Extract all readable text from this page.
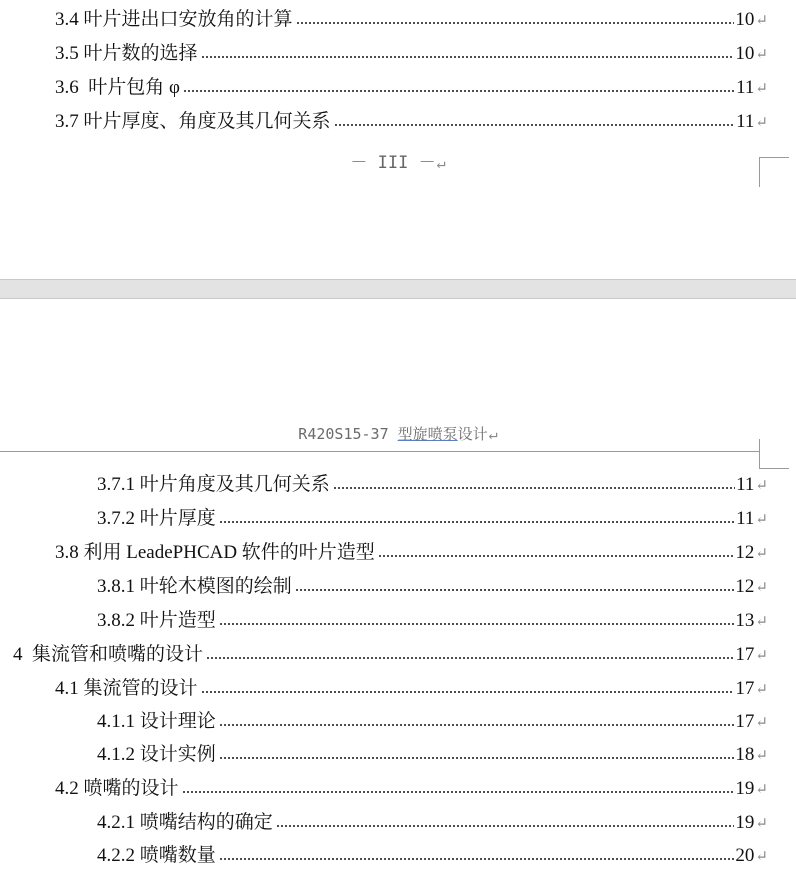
3.4 叶片进出口安放角的计算	10 ↵
3.5 叶片数的选择	10 ↵
3.6  叶片包角 φ	11 ↵
3.7 叶片厚度、角度及其几何关系	11 ↵
－ III －↵
R420S15-37 型旋喷泵设计↵
3.7.1 叶片角度及其几何关系	11 ↵
3.7.2 叶片厚度	11 ↵
3.8 利用 LeadePHCAD 软件的叶片造型	12 ↵
3.8.1 叶轮木模图的绘制	12 ↵
3.8.2 叶片造型	13 ↵
4  集流管和喷嘴的设计	17 ↵
4.1 集流管的设计	17 ↵
4.1.1 设计理论	17 ↵
4.1.2 设计实例	18 ↵
4.2 喷嘴的设计	19 ↵
4.2.1 喷嘴结构的确定	19 ↵
4.2.2 喷嘴数量	20 ↵
